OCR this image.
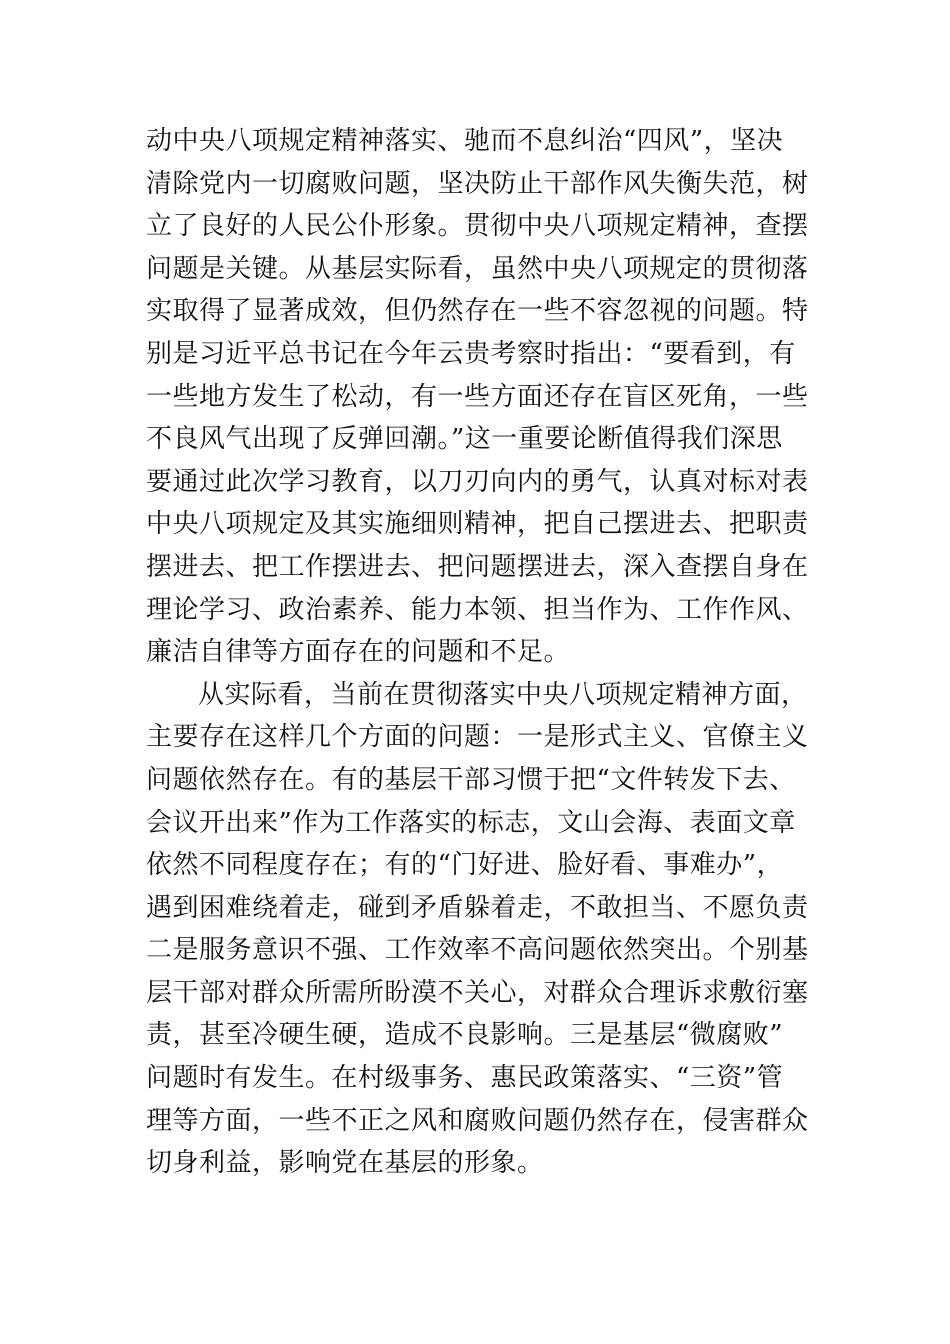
动中央八项规定精神落实、驰而不息纠治“四风”，坚决
清除党内一切腐败问题，坚决防止干部作风失衡失范，树
立了良好的人民公仆形象。贯彻中央八项规定精神，查摆
问题是关键。从基层实际看，虽然中央八项规定的贯彻落
实取得了显著成效，但仍然存在一些不容忽视的问题。特
别是习近平总书记在今年云贵考察时指出：“要看到，有
一些地方发生了松动，有一些方面还存在盲区死角，一些
不良风气出现了反弹回潮。”这一重要论断值得我们深思
要通过此次学习教育，以刀刃向内的勇气，认真对标对表
中央八项规定及其实施细则精神，把自己摆进去、把职责
摆进去、把工作摆进去、把问题摆进去，深入查摆自身在
理论学习、政治素养、能力本领、担当作为、工作作风、
廉洁自律等方面存在的问题和不足。
从实际看，当前在贯彻落实中央八项规定精神方面，
主要存在这样几个方面的问题：一是形式主义、官僚主义
问题依然存在。有的基层干部习惯于把“文件转发下去、
会议开出来”作为工作落实的标志，文山会海、表面文章
依然不同程度存在；有的“门好进、脸好看、事难办”，
遇到困难绕着走，碰到矛盾躲着走，不敢担当、不愿负责
二是服务意识不强、工作效率不高问题依然突出。个别基
层干部对群众所需所盼漠不关心，对群众合理诉求敷衍塞
责，甚至冷硬生硬，造成不良影响。三是基层“微腐败”
问题时有发生。在村级事务、惠民政策落实、“三资”管
理等方面，一些不正之风和腐败问题仍然存在，侵害群众
切身利益，影响党在基层的形象。
